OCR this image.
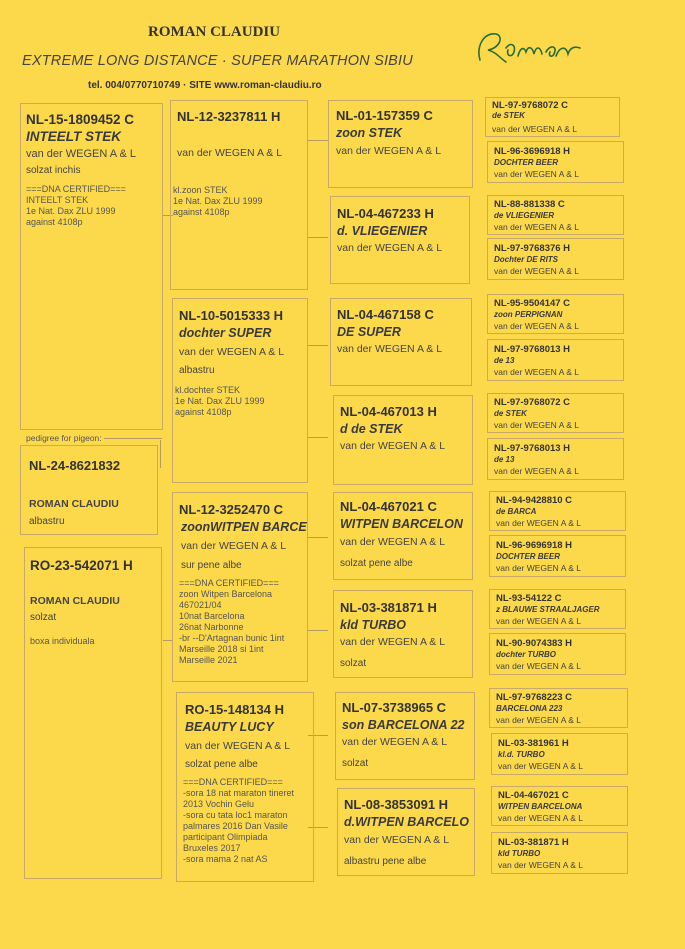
ROMAN CLAUDIU
EXTREME LONG DISTANCE · SUPER MARATHON SIBIU
tel. 004/0770710749 · SITE www.roman-claudiu.ro
NL-15-1809452 C
INTEELT STEK
van der WEGEN A & L
solzat inchis
===DNA CERTIFIED===
INTEELT STEK
1e Nat. Dax ZLU 1999
against 4108p
pedigree for pigeon:
NL-24-8621832
ROMAN CLAUDIU
albastru
RO-23-542071 H
ROMAN CLAUDIU
solzat
boxa individuala
NL-12-3237811 H
van der WEGEN A & L
kl.zoon STEK
1e Nat. Dax ZLU 1999
against 4108p
NL-10-5015333 H
dochter SUPER
van der WEGEN A & L
albastru
kl.dochter STEK
1e Nat. Dax ZLU 1999
against 4108p
NL-12-3252470 C
zoonWITPEN BARCE
van der WEGEN A & L
sur pene albe
===DNA CERTIFIED===
zoon Witpen Barcelona
467021/04
10nat Barcelona
26nat Narbonne
-br --D'Artagnan bunic 1int
Marseille 2018 si 1int
Marseille 2021
RO-15-148134 H
BEAUTY LUCY
van der WEGEN A & L
solzat pene albe
===DNA CERTIFIED===
-sora 18 nat maraton tineret
2013 Vochin Gelu
-sora cu tata loc1 maraton
palmares 2016 Dan Vasile
participant Olimpiada
Bruxeles 2017
-sora mama 2 nat AS
NL-01-157359 C
zoon STEK
van der WEGEN A & L
NL-04-467233 H
d. VLIEGENIER
van der WEGEN A & L
NL-04-467158 C
DE SUPER
van der WEGEN A & L
NL-04-467013 H
d de STEK
van der WEGEN A & L
NL-04-467021 C
WITPEN BARCELON
van der WEGEN A & L
solzat pene albe
NL-03-381871 H
kld TURBO
van der WEGEN A & L
solzat
NL-07-3738965 C
son BARCELONA 22
van der WEGEN A & L
solzat
NL-08-3853091 H
d.WITPEN BARCELO
van der WEGEN A & L
albastru pene albe
NL-97-9768072 C
de STEK
van der WEGEN A & L
NL-96-3696918 H
DOCHTER BEER
van der WEGEN A & L
NL-88-881338 C
de VLIEGENIER
van der WEGEN A & L
NL-97-9768376 H
Dochter DE RITS
van der WEGEN A & L
NL-95-9504147 C
zoon PERPIGNAN
van der WEGEN A & L
NL-97-9768013 H
de 13
van der WEGEN A & L
NL-97-9768072 C
de STEK
van der WEGEN A & L
NL-97-9768013 H
de 13
van der WEGEN A & L
NL-94-9428810 C
de BARCA
van der WEGEN A & L
NL-96-9696918 H
DOCHTER BEER
van der WEGEN A & L
NL-93-54122 C
z BLAUWE STRAALJAGER
van der WEGEN A & L
NL-90-9074383 H
dochter TURBO
van der WEGEN A & L
NL-97-9768223 C
BARCELONA 223
van der WEGEN A & L
NL-03-381961 H
kl.d. TURBO
van der WEGEN A & L
NL-04-467021 C
WITPEN BARCELONA
van der WEGEN A & L
NL-03-381871 H
kld TURBO
van der WEGEN A & L
